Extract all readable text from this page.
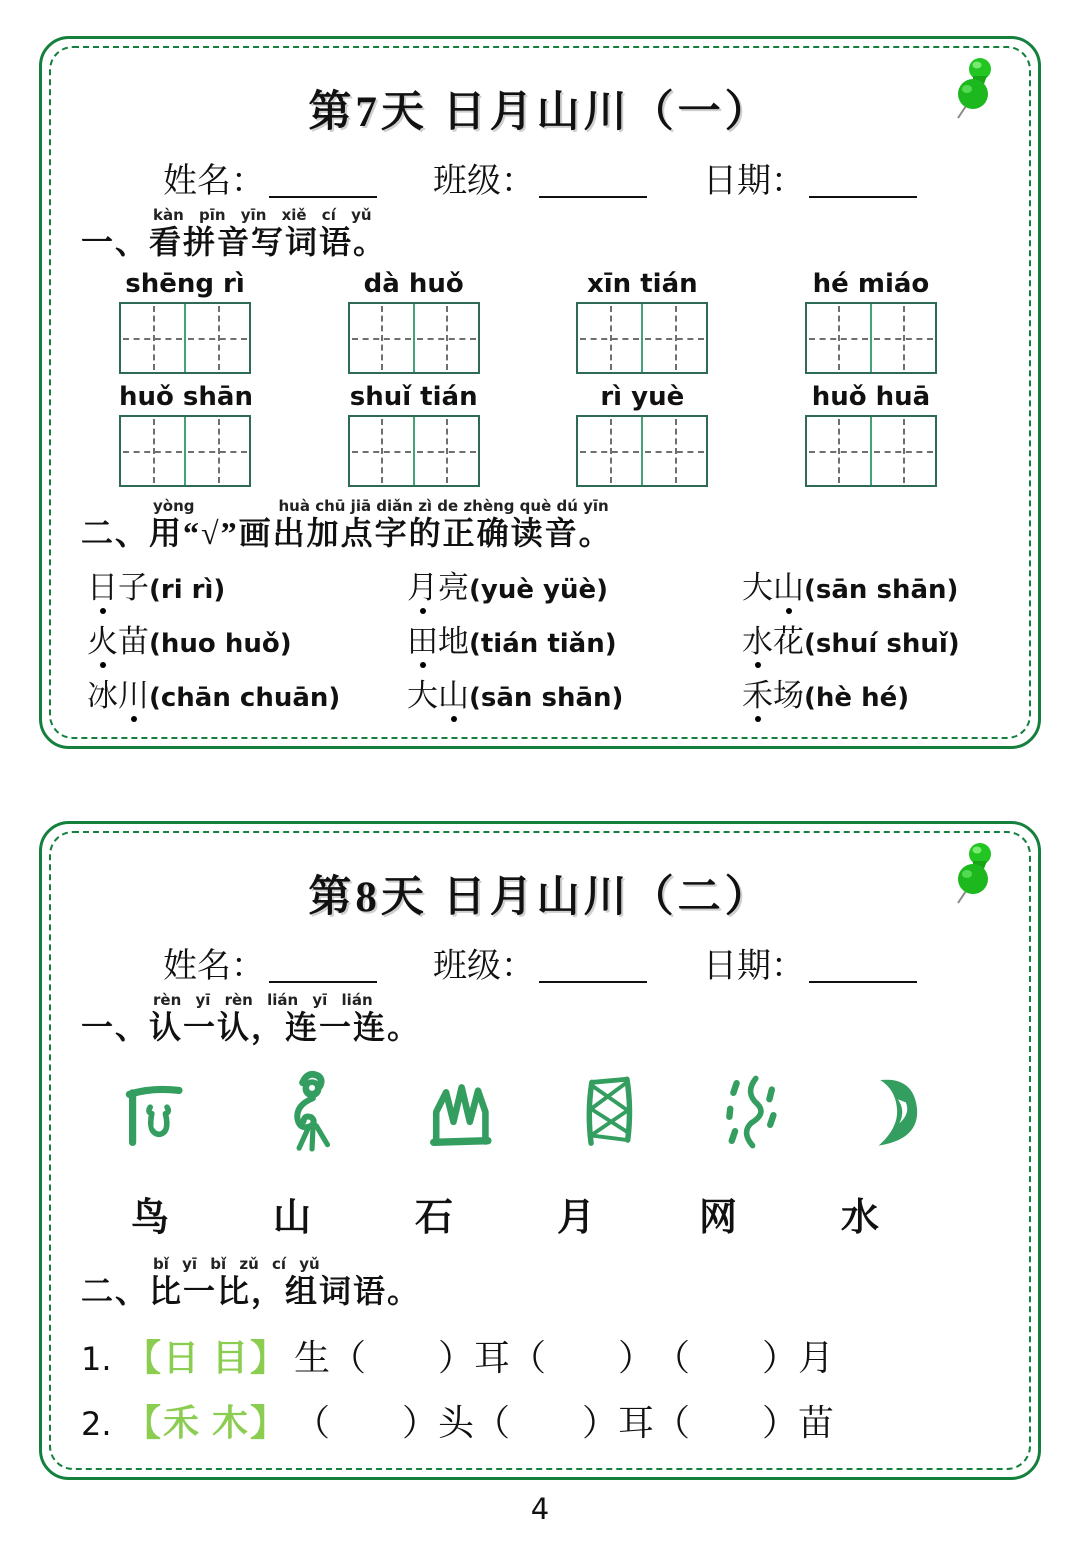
第7天 日月山川（一）
姓名：	班级：	日期：
kàn pīn yīn xiě cí yǔ
一、看拼音写词语。
shēng rì	dà huǒ	xīn tián	hé miáo
huǒ shān	shuǐ tián	rì yuè	huǒ huā
yòng	huà chū jiā diǎn zì de zhèng què dú yīn
二、用“√”画出加点字的正确读音。
日子(ri rì)	月亮(yuè yüè)	大山(sān shān)
火苗(huo huǒ)	田地(tián tiǎn)	水花(shuí shuǐ)
冰川(chān chuān)	大山(sān shān)	禾场(hè hé)
第8天 日月山川（二）
姓名：	班级：	日期：
rèn yī rèn lián yī lián
一、认一认，连一连。
鸟	山	石	月	网	水
bǐ yī bǐ zǔ cí yǔ
二、比一比，组词语。
1. 【日 目】 生（　　） 耳（　　） （　　）月
2. 【禾 木】 （　　）头 （　　）耳 （　　）苗
4
